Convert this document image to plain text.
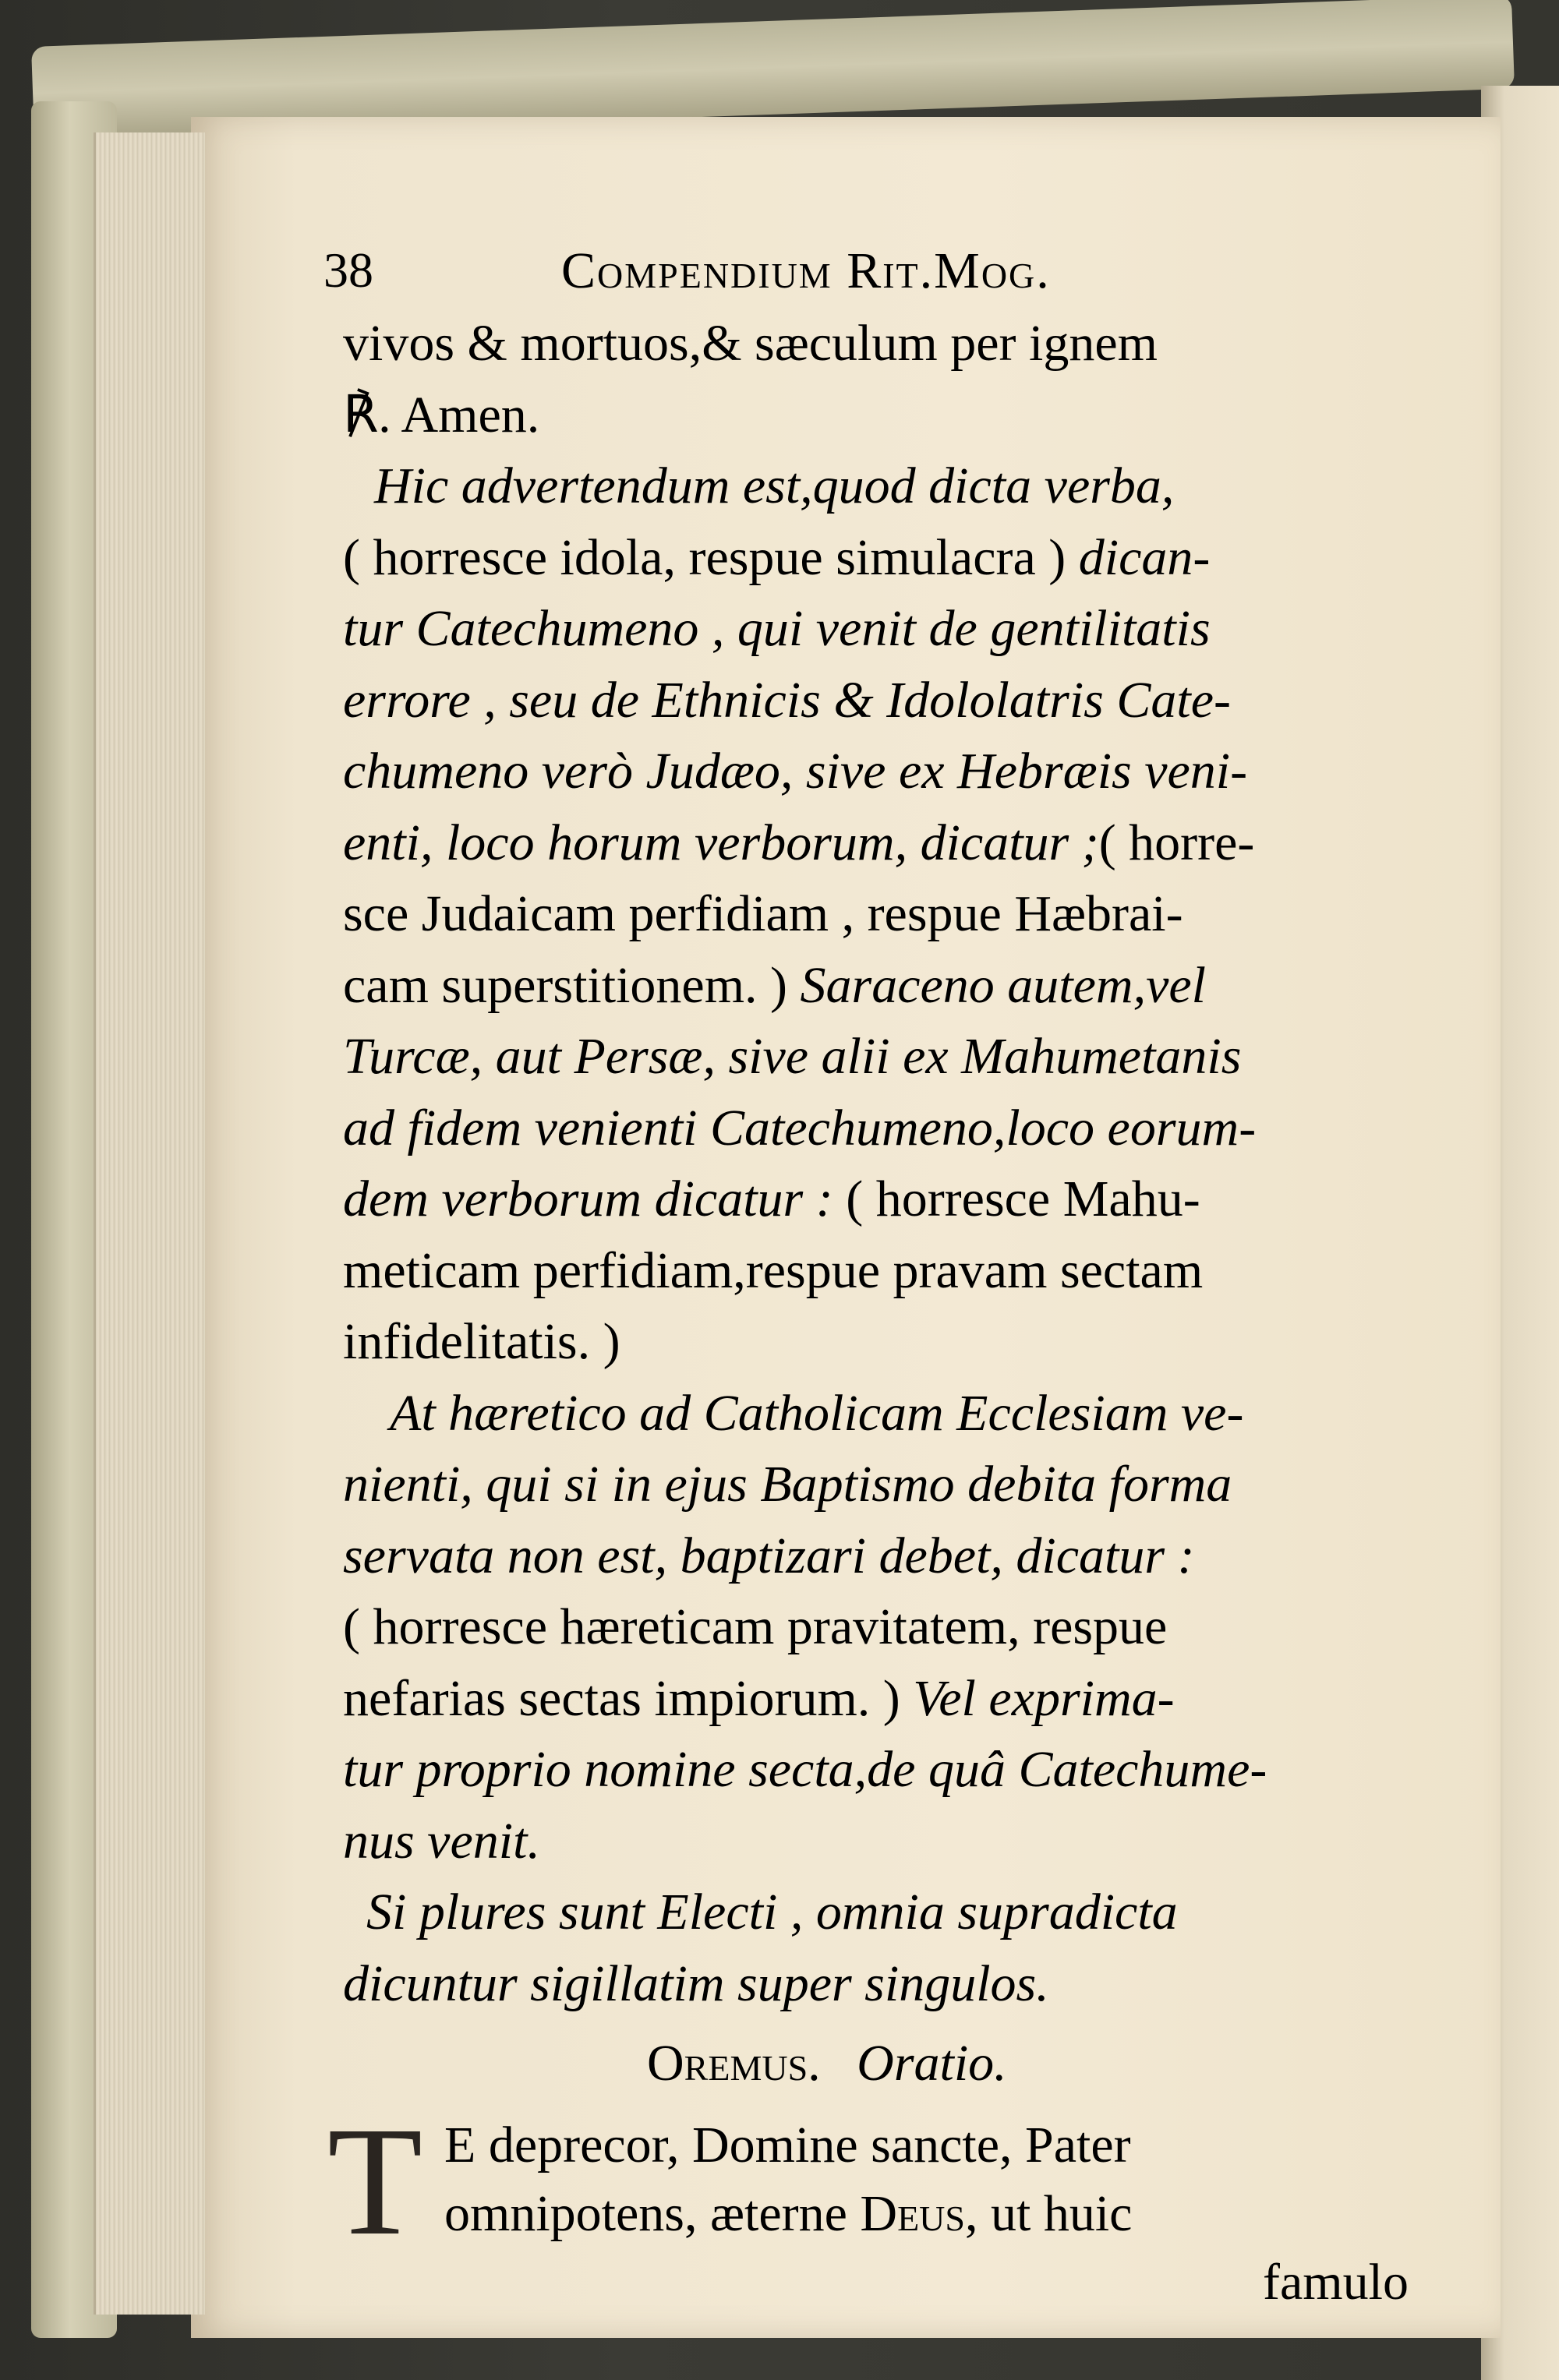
38	Compendium Rit.Mog.
vivos & mortuos,& sæculum per ignem
℟. Amen.
Hic advertendum est,quod dicta verba,
( horresce idola, respue simulacra ) dican-
tur Catechumeno , qui venit de gentilitatis
errore , seu de Ethnicis & Idololatris Cate-
chumeno verò Judæo, sive ex Hebræis veni-
enti, loco horum verborum, dicatur ;( horre-
sce Judaicam perfidiam , respue Hæbrai-
cam superstitionem. ) Saraceno autem,vel
Turcæ, aut Persæ, sive alii ex Mahumetanis
ad fidem venienti Catechumeno,loco eorum-
dem verborum dicatur : ( horresce Mahu-
meticam perfidiam,respue pravam sectam
infidelitatis. )
At hæretico ad Catholicam Ecclesiam ve-
nienti, qui si in ejus Baptismo debita forma
servata non est, baptizari debet, dicatur :
( horresce hæreticam pravitatem, respue
nefarias sectas impiorum. ) Vel exprima-
tur proprio nomine secta,de quâ Catechume-
nus venit.
Si plures sunt Electi , omnia supradicta
dicuntur sigillatim super singulos.
Oremus. Oratio.
T E deprecor, Domine sancte, Pater
omnipotens, æterne Deus, ut huic
famulo
